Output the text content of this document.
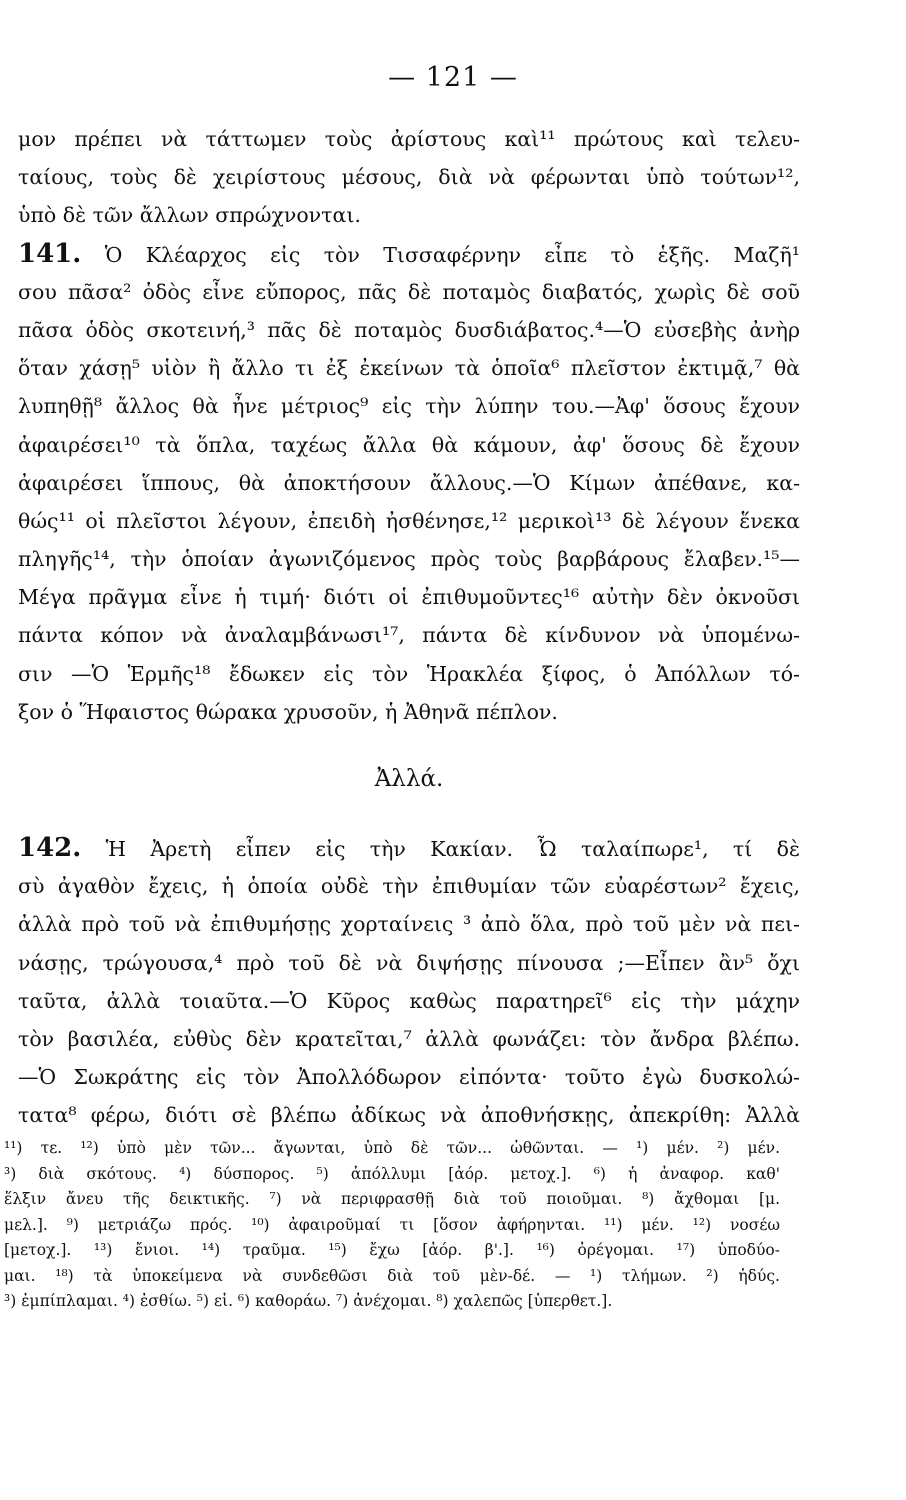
— 121 —
μον πρέπει νὰ τάττωμεν τοὺς ἀρίστους καὶ¹¹ πρώτους καὶ τελευ-
ταίους, τοὺς δὲ χειρίστους μέσους, διὰ νὰ φέρωνται ὑπὸ τούτων¹²,
ὑπὸ δὲ τῶν ἄλλων σπρώχνονται.
141. Ὁ Κλέαρχος εἰς τὸν Τισσαφέρνην εἶπε τὸ ἑξῆς. Μαζῆ¹
σου πᾶσα² ὁδὸς εἶνε εὔπορος, πᾶς δὲ ποταμὸς διαβατός, χωρὶς δὲ σοῦ
πᾶσα ὁδὸς σκοτεινή,³ πᾶς δὲ ποταμὸς δυσδιάβατος.⁴—Ὁ εὐσεβὴς ἀνὴρ
ὅταν χάσῃ⁵ υἱὸν ἢ ἄλλο τι ἐξ ἐκείνων τὰ ὁποῖα⁶ πλεῖστον ἐκτιμᾷ,⁷ θὰ
λυπηθῇ⁸ ἄλλος θὰ ἦνε μέτριος⁹ εἰς τὴν λύπην του.—Ἀφ' ὅσους ἔχουν
ἀφαιρέσει¹⁰ τὰ ὅπλα, ταχέως ἄλλα θὰ κάμουν, ἀφ' ὅσους δὲ ἔχουν
ἀφαιρέσει ἵππους, θὰ ἀποκτήσουν ἄλλους.—Ὁ Κίμων ἀπέθανε, κα-
θώς¹¹ οἱ πλεῖστοι λέγουν, ἐπειδὴ ἠσθένησε,¹² μερικοὶ¹³ δὲ λέγουν ἕνεκα
πληγῆς¹⁴, τὴν ὁποίαν ἀγωνιζόμενος πρὸς τοὺς βαρβάρους ἔλαβεν.¹⁵—
Μέγα πρᾶγμα εἶνε ἡ τιμή· διότι οἱ ἐπιθυμοῦντες¹⁶ αὐτὴν δὲν ὀκνοῦσι
πάντα κόπον νὰ ἀναλαμβάνωσι¹⁷, πάντα δὲ κίνδυνον νὰ ὑπομένω-
σιν —Ὁ Ἑρμῆς¹⁸ ἔδωκεν εἰς τὸν Ἡρακλέα ξίφος, ὁ Ἀπόλλων τό-
ξον ὁ Ἥφαιστος θώρακα χρυσοῦν, ἡ Ἀθηνᾶ πέπλον.
Ἀλλά.
142. Ἡ Ἀρετὴ εἶπεν εἰς τὴν Κακίαν. Ὦ ταλαίπωρε¹, τί δὲ
σὺ ἀγαθὸν ἔχεις, ἡ ὁποία οὐδὲ τὴν ἐπιθυμίαν τῶν εὐαρέστων² ἔχεις,
ἀλλὰ πρὸ τοῦ νὰ ἐπιθυμήσῃς χορταίνεις ³ ἀπὸ ὅλα, πρὸ τοῦ μὲν νὰ πει-
νάσῃς, τρώγουσα,⁴ πρὸ τοῦ δὲ νὰ διψήσῃς πίνουσα ;—Εἶπεν ἂν⁵ ὄχι
ταῦτα, ἀλλὰ τοιαῦτα.—Ὁ Κῦρος καθὼς παρατηρεῖ⁶ εἰς τὴν μάχην
τὸν βασιλέα, εὐθὺς δὲν κρατεῖται,⁷ ἀλλὰ φωνάζει: τὸν ἄνδρα βλέπω.
—Ὁ Σωκράτης εἰς τὸν Ἀπολλόδωρον εἰπόντα· τοῦτο ἐγὼ δυσκολώ-
τατα⁸ φέρω, διότι σὲ βλέπω ἀδίκως νὰ ἀποθνήσκῃς, ἀπεκρίθη: Ἀλλὰ
¹¹) τε. ¹²) ὑπὸ μὲν τῶν... ἄγωνται, ὑπὸ δὲ τῶν... ὠθῶνται. — ¹) μέν. ²) μέν.
³) διὰ σκότους. ⁴) δύσπορος. ⁵) ἀπόλλυμι [ἀόρ. μετοχ.]. ⁶) ἡ ἀναφορ. καθ'
ἕλξιν ἄνευ τῆς δεικτικῆς. ⁷) νὰ περιφρασθῇ διὰ τοῦ ποιοῦμαι. ⁸) ἄχθομαι [μ.
μελ.]. ⁹) μετριάζω πρός. ¹⁰) ἀφαιροῦμαί τι [ὅσον ἀφήρηνται. ¹¹) μέν. ¹²) νοσέω
[μετοχ.]. ¹³) ἔνιοι. ¹⁴) τραῦμα. ¹⁵) ἔχω [ἀόρ. β'.]. ¹⁶) ὀρέγομαι. ¹⁷) ὑποδύο-
μαι. ¹⁸) τὰ ὑποκείμενα νὰ συνδεθῶσι διὰ τοῦ μὲν-δέ. — ¹) τλήμων. ²) ἡδύς.
³) ἐμπίπλαμαι. ⁴) ἐσθίω. ⁵) εἰ. ⁶) καθοράω. ⁷) ἀνέχομαι. ⁸) χαλεπῶς [ὑπερθετ.].
